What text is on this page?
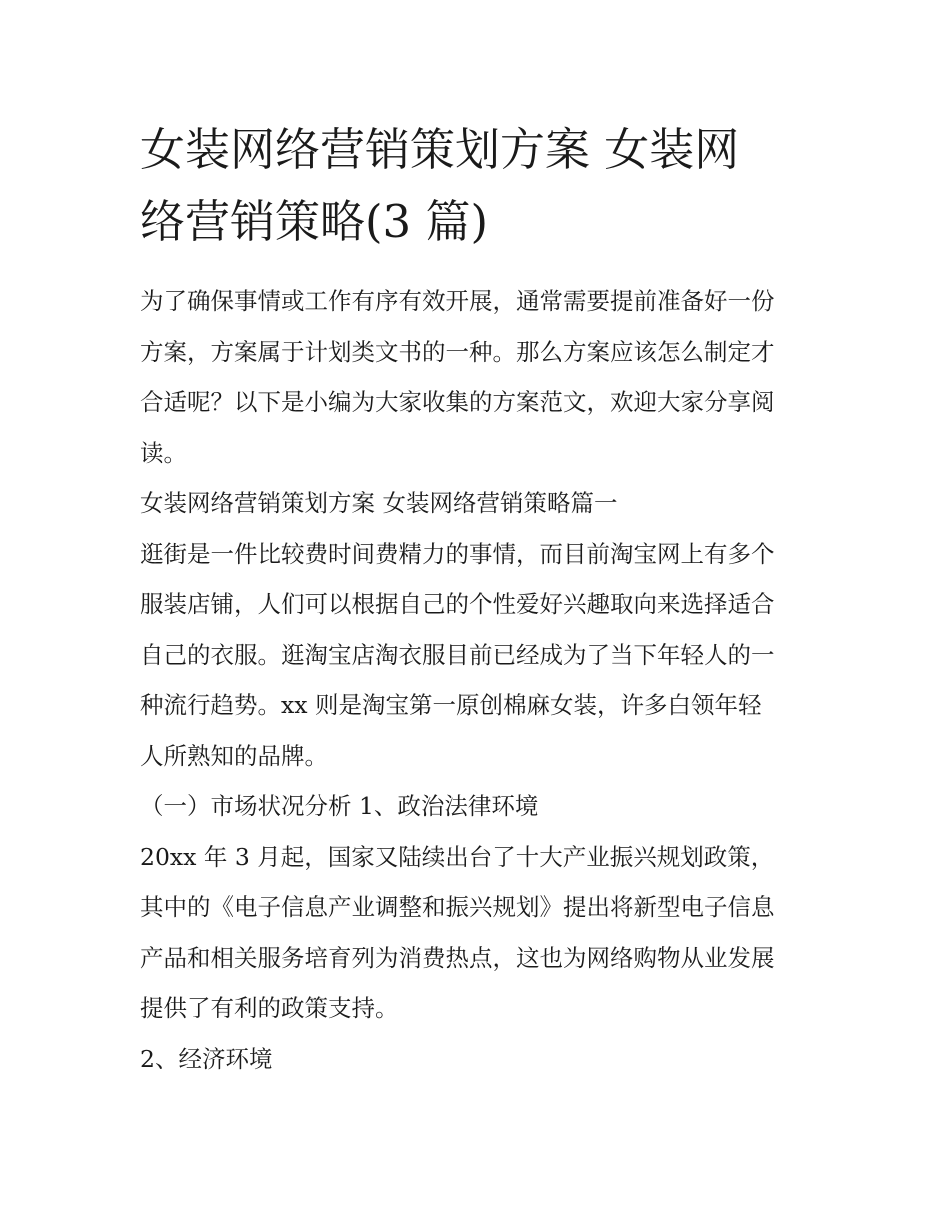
女装网络营销策划方案 女装网
络营销策略(3 篇)
为了确保事情或工作有序有效开展，通常需要提前准备好一份
方案，方案属于计划类文书的一种。那么方案应该怎么制定才
合适呢？以下是小编为大家收集的方案范文，欢迎大家分享阅
读。
女装网络营销策划方案 女装网络营销策略篇一
逛街是一件比较费时间费精力的事情，而目前淘宝网上有多个
服装店铺，人们可以根据自己的个性爱好兴趣取向来选择适合
自己的衣服。逛淘宝店淘衣服目前已经成为了当下年轻人的一
种流行趋势。xx 则是淘宝第一原创棉麻女装，许多白领年轻
人所熟知的品牌。
（一）市场状况分析 1、政治法律环境
20xx 年 3 月起，国家又陆续出台了十大产业振兴规划政策，
其中的《电子信息产业调整和振兴规划》提出将新型电子信息
产品和相关服务培育列为消费热点，这也为网络购物从业发展
提供了有利的政策支持。
2、经济环境
